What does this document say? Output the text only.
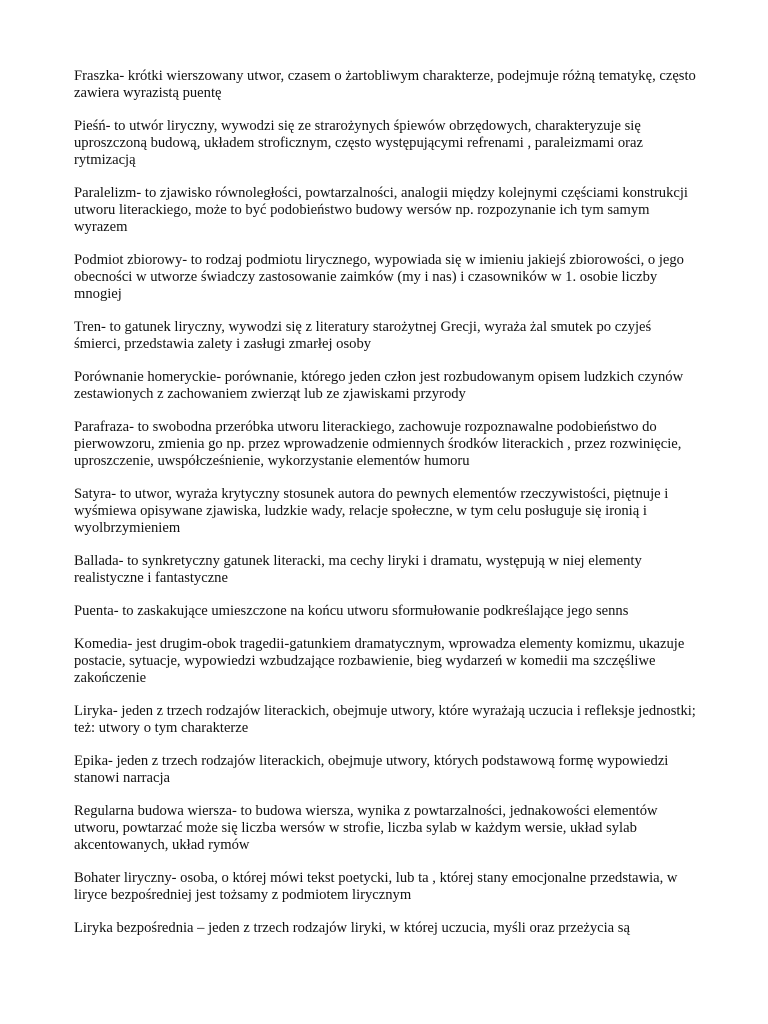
Fraszka- krótki wierszowany utwor, czasem o żartobliwym charakterze, podejmuje różną tematykę, często zawiera wyrazistą puentę

Pieśń- to utwór liryczny, wywodzi się ze strarożynych śpiewów obrzędowych, charakteryzuje się uproszczoną budową, układem stroficznym, często występującymi refrenami , paraleizmami oraz rytmizacją

Paralelizm- to zjawisko równoległości, powtarzalności, analogii między kolejnymi częściami konstrukcji utworu literackiego, może to być podobieństwo budowy wersów np. rozpozynanie ich tym samym wyrazem

Podmiot zbiorowy- to rodzaj podmiotu lirycznego, wypowiada się w imieniu jakiejś zbiorowości, o jego obecności w utworze świadczy zastosowanie zaimków (my i nas) i czasowników w 1. osobie liczby mnogiej

Tren- to gatunek liryczny, wywodzi się z literatury starożytnej Grecji, wyraża żal smutek po czyjeś śmierci, przedstawia zalety i zasługi zmarłej osoby

Porównanie homeryckie- porównanie, którego jeden człon jest rozbudowanym opisem ludzkich czynów zestawionych z zachowaniem zwierząt lub ze zjawiskami przyrody

Parafraza- to swobodna przeróbka utworu literackiego, zachowuje rozpoznawalne podobieństwo do pierwowzoru, zmienia go np. przez wprowadzenie odmiennych środków literackich , przez rozwinięcie, uproszczenie, uwspółcześnienie, wykorzystanie elementów humoru

Satyra- to utwor, wyraża krytyczny stosunek autora do pewnych elementów rzeczywistości, piętnuje i wyśmiewa opisywane zjawiska, ludzkie wady, relacje społeczne, w tym celu posługuje się ironią i wyolbrzymieniem

Ballada- to synkretyczny gatunek literacki, ma cechy liryki i dramatu, występują w niej elementy realistyczne i fantastyczne

Puenta- to zaskakujące umieszczone na końcu utworu sformułowanie podkreślające jego senns

Komedia- jest drugim-obok tragedii-gatunkiem dramatycznym, wprowadza elementy komizmu, ukazuje postacie, sytuacje, wypowiedzi wzbudzające rozbawienie, bieg wydarzeń w komedii ma szczęśliwe zakończenie

Liryka- jeden z trzech rodzajów literackich, obejmuje utwory, które wyrażają uczucia i refleksje jednostki; też: utwory o tym charakterze

Epika- jeden z trzech rodzajów literackich, obejmuje utwory, których podstawową formę wypowiedzi stanowi narracja

Regularna budowa wiersza- to budowa wiersza, wynika z powtarzalności, jednakowości elementów utworu, powtarzać może się liczba wersów w strofie, liczba sylab w każdym wersie, układ sylab akcentowanych, układ rymów

Bohater liryczny- osoba, o której mówi tekst poetycki, lub ta , której stany emocjonalne przedstawia, w liryce bezpośredniej jest tożsamy z podmiotem lirycznym

Liryka bezpośrednia – jeden z trzech rodzajów liryki, w której uczucia, myśli oraz przeżycia są
